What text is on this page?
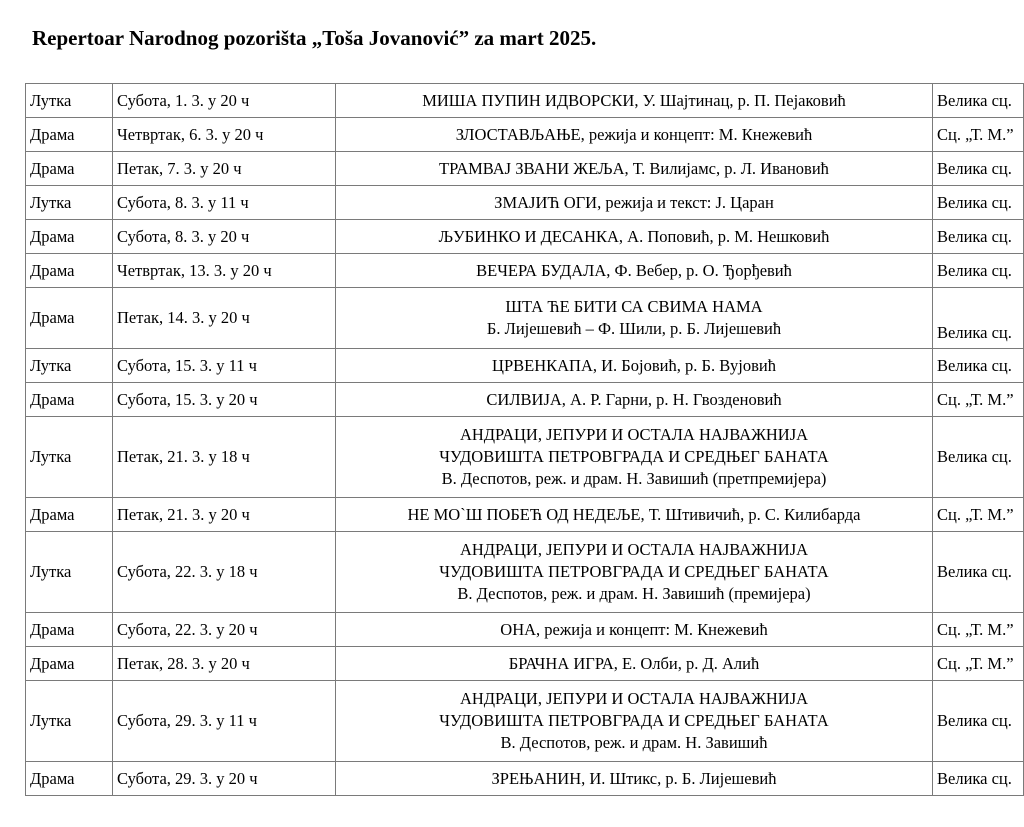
Repertoar Narodnog pozorišta „Toša Jovanović” za mart 2025.
Лутка	Субота, 1. 3. у 20 ч	МИША ПУПИН ИДВОРСКИ, У. Шајтинац, р. П. Пејаковић	Велика сц.
Драма	Четвртак, 6. 3. у 20 ч	ЗЛОСТАВЉАЊЕ, режија и концепт: М. Кнежевић	Сц. „Т. М.”
Драма	Петак, 7. 3. у 20 ч	ТРАМВАЈ ЗВАНИ ЖЕЉА, Т. Вилијамс, р. Л. Ивановић	Велика сц.
Лутка	Субота, 8. 3. у 11 ч	ЗМАЈИЋ ОГИ, режија и текст: Ј. Царан	Велика сц.
Драма	Субота, 8. 3. у 20 ч	ЉУБИНКО И ДЕСАНКА, А. Поповић, р. М. Нешковић	Велика сц.
Драма	Четвртак, 13. 3. у 20 ч	ВЕЧЕРА БУДАЛА, Ф. Вебер, р. О. Ђорђевић	Велика сц.
Драма	Петак, 14. 3. у 20 ч	ШТА ЋЕ БИТИ СА СВИМА НАМА
Б. Лијешевић – Ф. Шили, р. Б. Лијешевић	Велика сц.
Лутка	Субота, 15. 3. у 11 ч	ЦРВЕНКАПА, И. Бојовић, р. Б. Вујовић	Велика сц.
Драма	Субота, 15. 3. у 20 ч	СИЛВИЈА, А. Р. Гарни, р. Н. Гвозденовић	Сц. „Т. М.”
Лутка	Петак, 21. 3. у 18 ч	АНДРАЦИ, ЈЕПУРИ И ОСТАЛА НАЈВАЖНИЈА
ЧУДОВИШТА ПЕТРОВГРАДА И СРЕДЊЕГ БАНАТА
В. Деспотов, реж. и драм. Н. Завишић (претпремијера)	Велика сц.
Драма	Петак, 21. 3. у 20 ч	НЕ МО`Ш ПОБЕЋ ОД НЕДЕЉЕ, Т. Штивичић, р. С. Килибарда	Сц. „Т. М.”
Лутка	Субота, 22. 3. у 18 ч	АНДРАЦИ, ЈЕПУРИ И ОСТАЛА НАЈВАЖНИЈА
ЧУДОВИШТА ПЕТРОВГРАДА И СРЕДЊЕГ БАНАТА
В. Деспотов, реж. и драм. Н. Завишић (премијера)	Велика сц.
Драма	Субота, 22. 3. у 20 ч	ОНА, режија и концепт: М. Кнежевић	Сц. „Т. М.”
Драма	Петак, 28. 3. у 20 ч	БРАЧНА ИГРА, Е. Олби, р. Д. Алић	Сц. „Т. М.”
Лутка	Субота, 29. 3. у 11 ч	АНДРАЦИ, ЈЕПУРИ И ОСТАЛА НАЈВАЖНИЈА
ЧУДОВИШТА ПЕТРОВГРАДА И СРЕДЊЕГ БАНАТА
В. Деспотов, реж. и драм. Н. Завишић	Велика сц.
Драма	Субота, 29. 3. у 20 ч	ЗРЕЊАНИН, И. Штикс, р. Б. Лијешевић	Велика сц.
